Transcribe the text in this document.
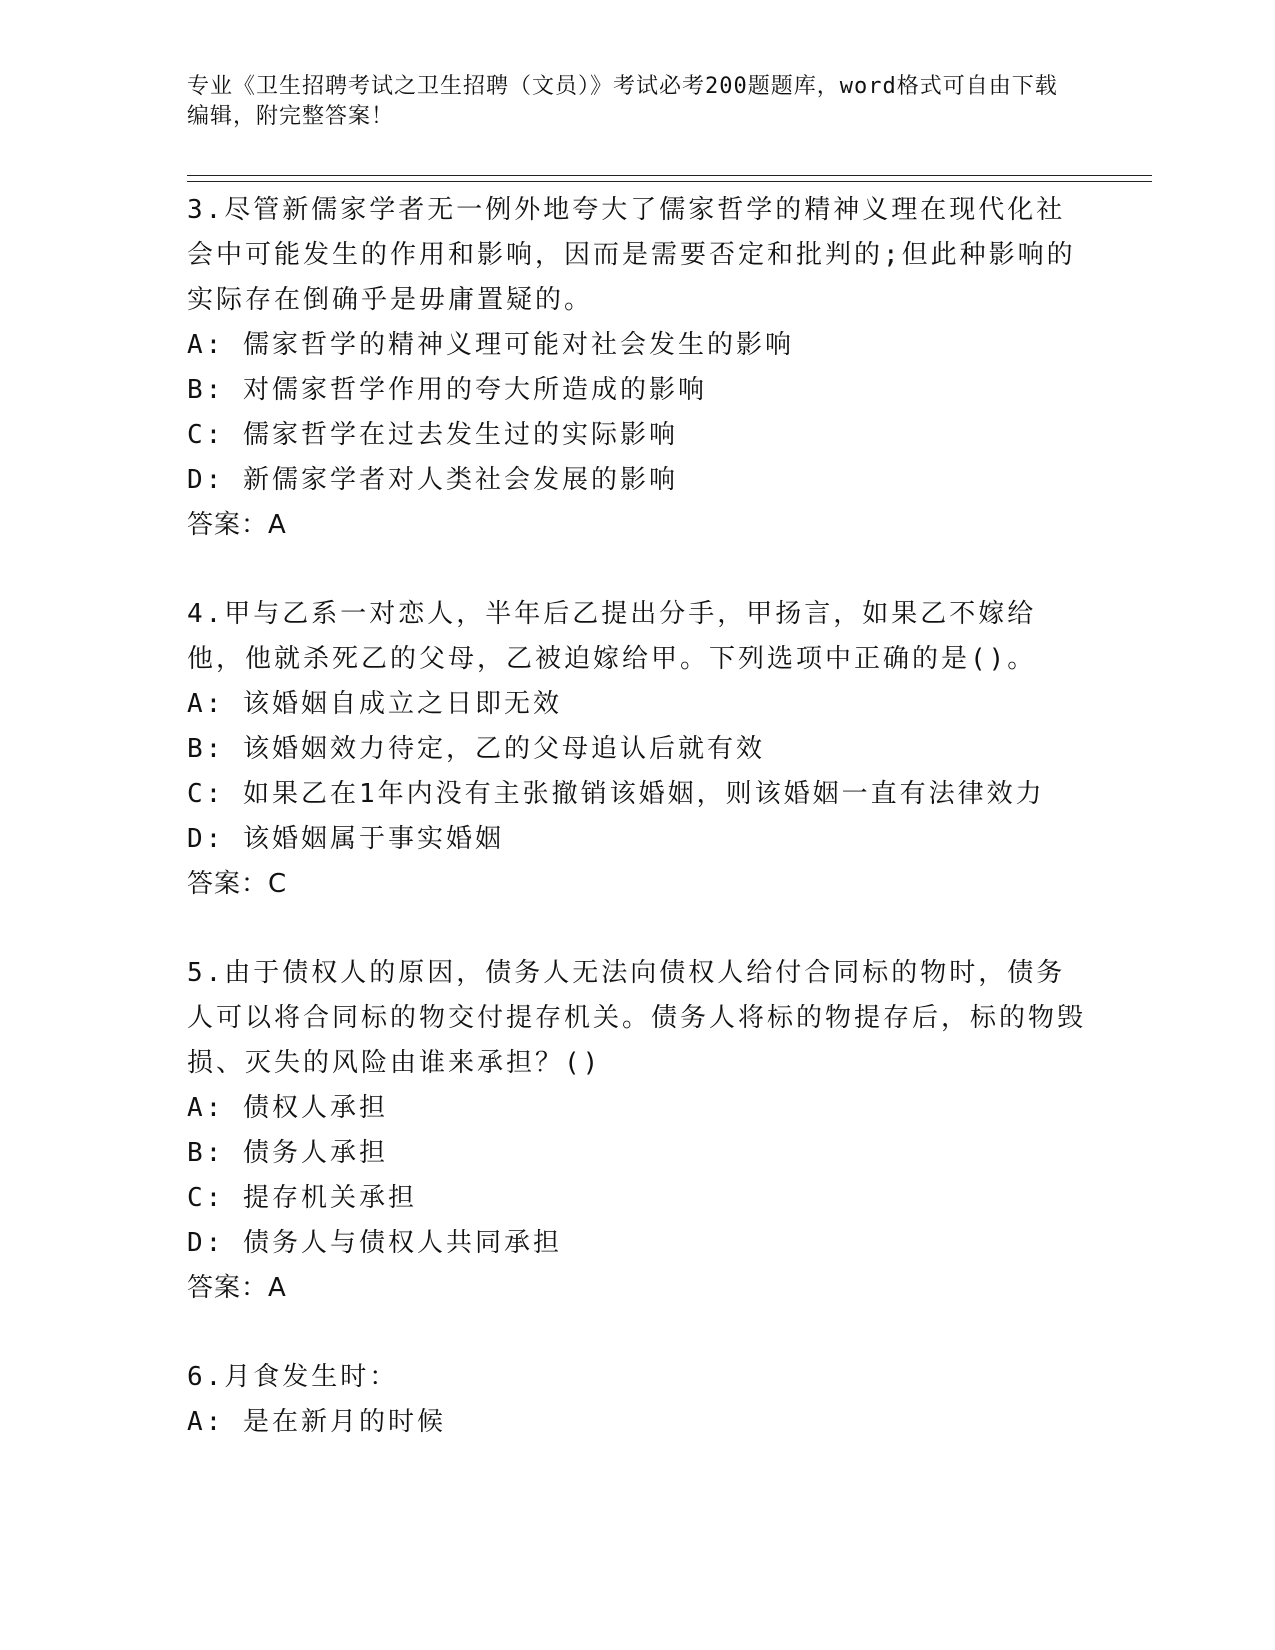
专业《卫生招聘考试之卫生招聘（文员）》考试必考200题题库，word格式可自由下载编辑，附完整答案！

3.尽管新儒家学者无一例外地夸大了儒家哲学的精神义理在现代化社会中可能发生的作用和影响，因而是需要否定和批判的;但此种影响的实际存在倒确乎是毋庸置疑的。

A: 儒家哲学的精神义理可能对社会发生的影响

B: 对儒家哲学作用的夸大所造成的影响

C: 儒家哲学在过去发生过的实际影响

D: 新儒家学者对人类社会发展的影响

答案：A

4.甲与乙系一对恋人，半年后乙提出分手，甲扬言，如果乙不嫁给他，他就杀死乙的父母，乙被迫嫁给甲。下列选项中正确的是()。

A: 该婚姻自成立之日即无效

B: 该婚姻效力待定，乙的父母追认后就有效

C: 如果乙在1年内没有主张撤销该婚姻，则该婚姻一直有法律效力

D: 该婚姻属于事实婚姻

答案：C

5.由于债权人的原因，债务人无法向债权人给付合同标的物时，债务人可以将合同标的物交付提存机关。债务人将标的物提存后，标的物毁损、灭失的风险由谁来承担？()

A: 债权人承担

B: 债务人承担

C: 提存机关承担

D: 债务人与债权人共同承担

答案：A

6.月食发生时：

A: 是在新月的时候
